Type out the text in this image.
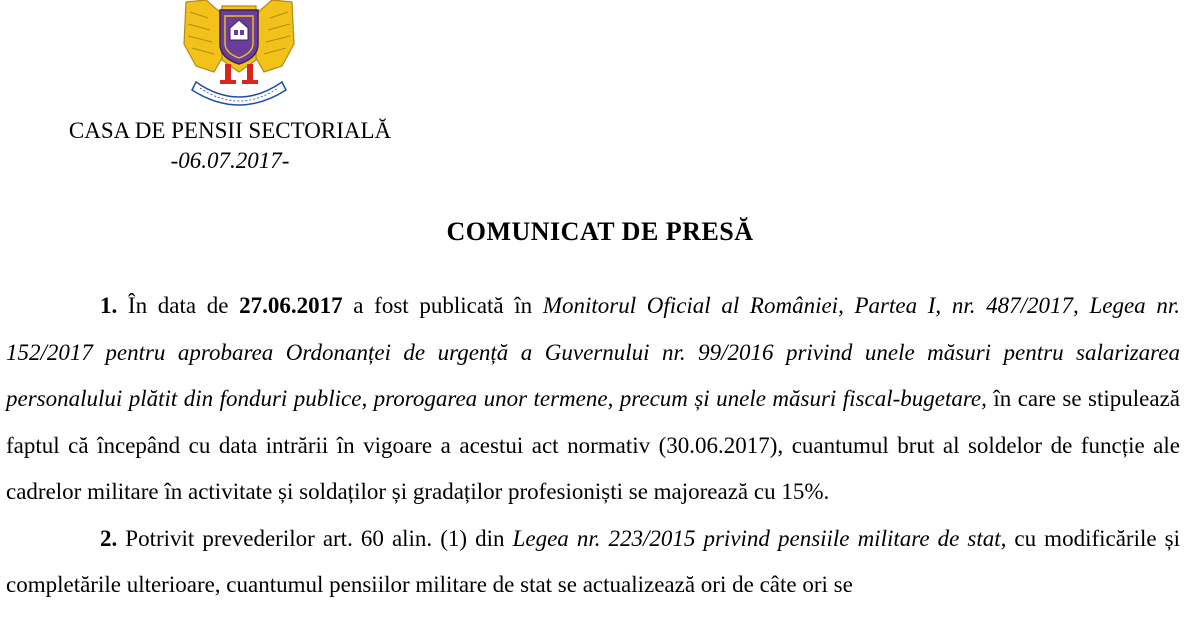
CASA DE PENSII SECTORIALĂ
-06.07.2017-
COMUNICAT DE PRESĂ

1. În data de 27.06.2017 a fost publicată în Monitorul Oficial al României, Partea I, nr. 487/2017, Legea nr. 152/2017 pentru aprobarea Ordonanței de urgență a Guvernului nr. 99/2016 privind unele măsuri pentru salarizarea personalului plătit din fonduri publice, prorogarea unor termene, precum și unele măsuri fiscal-bugetare, în care se stipulează faptul că începând cu data intrării în vigoare a acestui act normativ (30.06.2017), cuantumul brut al soldelor de funcție ale cadrelor militare în activitate și soldaților și gradaților profesioniști se majorează cu 15%.

2. Potrivit prevederilor art. 60 alin. (1) din Legea nr. 223/2015 privind pensiile militare de stat, cu modificările și completările ulterioare, cuantumul pensiilor militare de stat se actualizează ori de câte ori se
